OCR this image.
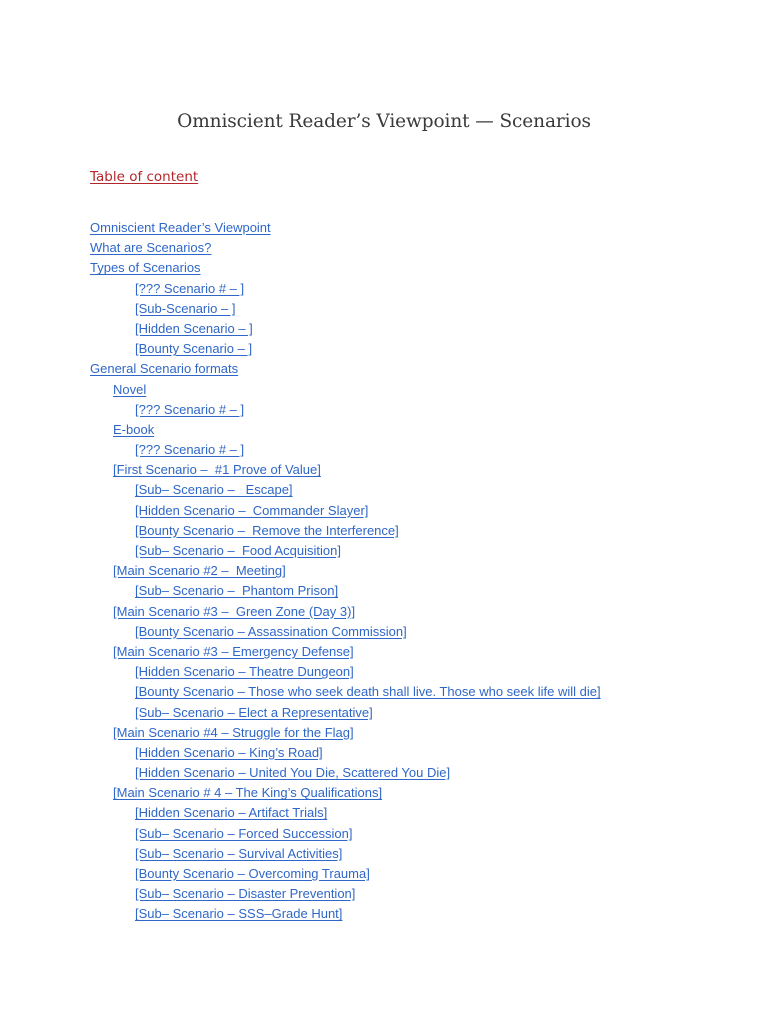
Omniscient Reader’s Viewpoint — Scenarios
Table of content
Omniscient Reader’s Viewpoint
What are Scenarios?
Types of Scenarios
[??? Scenario # – ]
[Sub-Scenario – ]
[Hidden Scenario – ]
[Bounty Scenario – ]
General Scenario formats
Novel
[??? Scenario # – ]
E-book
[??? Scenario # – ]
[First Scenario –  #1 Prove of Value]
[Sub– Scenario –   Escape]
[Hidden Scenario –  Commander Slayer]
[Bounty Scenario –  Remove the Interference]
[Sub– Scenario –  Food Acquisition]
[Main Scenario #2 –  Meeting]
[Sub– Scenario –  Phantom Prison]
[Main Scenario #3 –  Green Zone (Day 3)]
[Bounty Scenario – Assassination Commission]
[Main Scenario #3 – Emergency Defense]
[Hidden Scenario – Theatre Dungeon]
[Bounty Scenario – Those who seek death shall live. Those who seek life will die]
[Sub– Scenario – Elect a Representative]
[Main Scenario #4 – Struggle for the Flag]
[Hidden Scenario – King’s Road]
[Hidden Scenario – United You Die, Scattered You Die]
[Main Scenario # 4 – The King’s Qualifications]
[Hidden Scenario – Artifact Trials]
[Sub– Scenario – Forced Succession]
[Sub– Scenario – Survival Activities]
[Bounty Scenario – Overcoming Trauma]
[Sub– Scenario – Disaster Prevention]
[Sub– Scenario – SSS–Grade Hunt]
